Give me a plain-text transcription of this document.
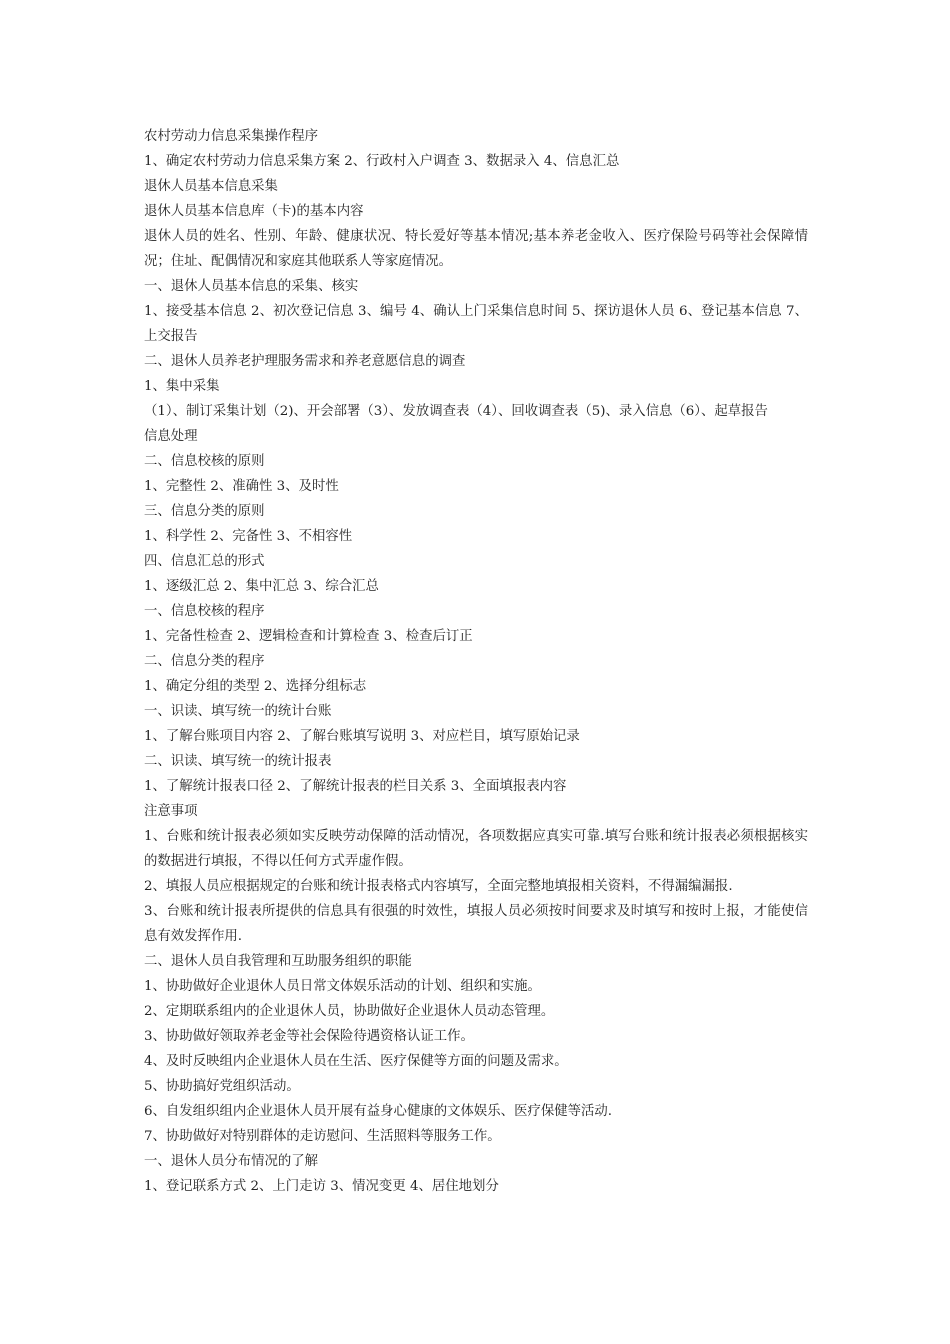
农村劳动力信息采集操作程序

1、确定农村劳动力信息采集方案 2、行政村入户调查 3、数据录入 4、信息汇总

退休人员基本信息采集

退休人员基本信息库（卡)的基本内容

退休人员的姓名、性别、年龄、健康状况、特长爱好等基本情况;基本养老金收入、医疗保险号码等社会保障情况；住址、配偶情况和家庭其他联系人等家庭情况。

一、退休人员基本信息的采集、核实

1、接受基本信息 2、初次登记信息 3、编号 4、确认上门采集信息时间 5、探访退休人员 6、登记基本信息 7、上交报告

二、退休人员养老护理服务需求和养老意愿信息的调查

1、集中采集

（1）、制订采集计划（2)、开会部署（3）、发放调查表（4）、回收调查表（5)、录入信息（6）、起草报告

信息处理

二、信息校核的原则

1、完整性 2、准确性 3、及时性

三、信息分类的原则

1、科学性 2、完备性 3、不相容性

四、信息汇总的形式

1、逐级汇总 2、集中汇总 3、综合汇总

一、信息校核的程序

1、完备性检查 2、逻辑检查和计算检查 3、检查后订正

二、信息分类的程序

1、确定分组的类型 2、选择分组标志

一、识读、填写统一的统计台账

1、了解台账项目内容 2、了解台账填写说明 3、对应栏目，填写原始记录

二、识读、填写统一的统计报表

1、了解统计报表口径 2、了解统计报表的栏目关系 3、全面填报表内容

注意事项

1、台账和统计报表必须如实反映劳动保障的活动情况，各项数据应真实可靠.填写台账和统计报表必须根据核实的数据进行填报，不得以任何方式弄虚作假。

2、填报人员应根据规定的台账和统计报表格式内容填写，全面完整地填报相关资料，不得漏编漏报.

3、台账和统计报表所提供的信息具有很强的时效性，填报人员必须按时间要求及时填写和按时上报，才能使信息有效发挥作用.

二、退休人员自我管理和互助服务组织的职能

1、协助做好企业退休人员日常文体娱乐活动的计划、组织和实施。

2、定期联系组内的企业退休人员，协助做好企业退休人员动态管理。

3、协助做好领取养老金等社会保险待遇资格认证工作。

4、及时反映组内企业退休人员在生活、医疗保健等方面的问题及需求。

5、协助搞好党组织活动。

6、自发组织组内企业退休人员开展有益身心健康的文体娱乐、医疗保健等活动.

7、协助做好对特别群体的走访慰问、生活照料等服务工作。

一、退休人员分布情况的了解

1、登记联系方式 2、上门走访 3、情况变更 4、居住地划分
